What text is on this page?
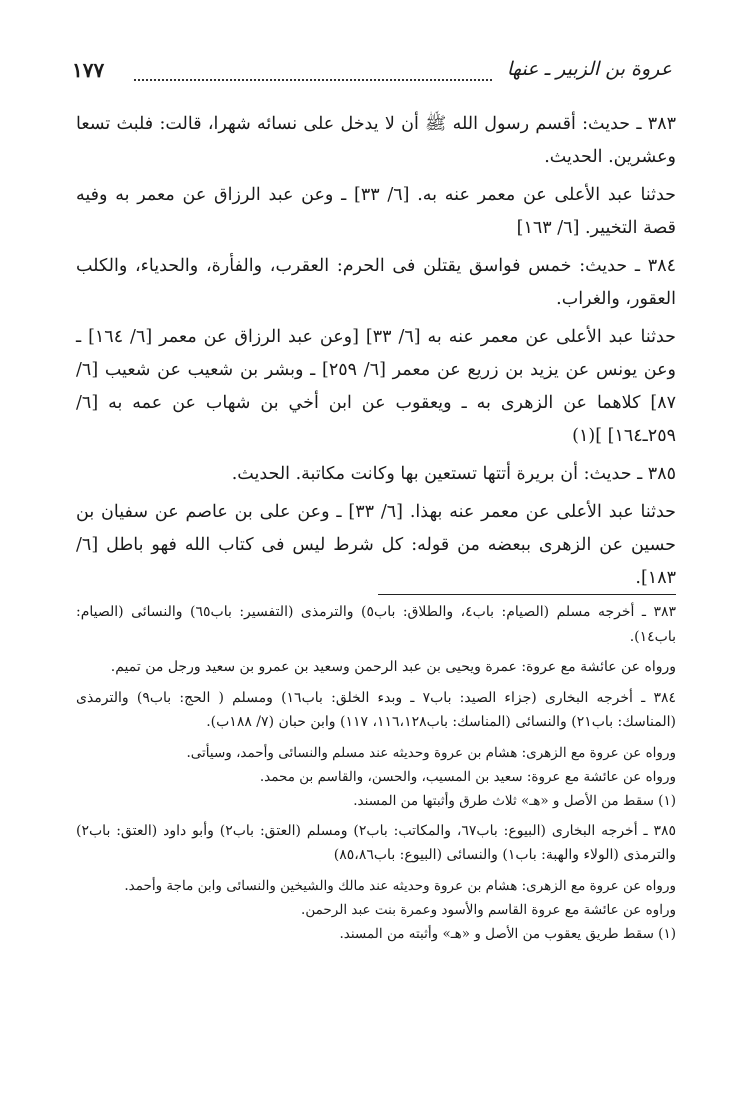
١٧٧	عروة بن الزبير ـ عنها

٣٨٣ ـ حديث: أقسم رسول الله ﷺ أن لا يدخل على نسائه شهرا، قالت: فلبث تسعا وعشرين. الحديث.

حدثنا عبد الأعلى عن معمر عنه به. [٦/ ٣٣] ـ وعن عبد الرزاق عن معمر به وفيه قصة التخيير. [٦/ ١٦٣]

٣٨٤ ـ حديث: خمس فواسق يقتلن فى الحرم: العقرب، والفأرة، والحدياء، والكلب العقور، والغراب.

حدثنا عبد الأعلى عن معمر عنه به [٦/ ٣٣] [وعن عبد الرزاق عن معمر [٦/ ١٦٤] ـ وعن يونس عن يزيد بن زريع عن معمر [٦/ ٢٥٩] ـ وبشر بن شعيب عن شعيب [٦/ ٨٧] كلاهما عن الزهرى به ـ ويعقوب عن ابن أخي بن شهاب عن عمه به [٦/ ٢٥٩ـ١٦٤] ](١)

٣٨٥ ـ حديث: أن بريرة أتتها تستعين بها وكانت مكاتبة. الحديث.

حدثنا عبد الأعلى عن معمر عنه بهذا. [٦/ ٣٣] ـ وعن على بن عاصم عن سفيان بن حسين عن الزهرى ببعضه من قوله: كل شرط ليس فى كتاب الله فهو باطل [٦/ ١٨٣].

٣٨٣ ـ أخرجه مسلم (الصيام: باب٤، والطلاق: باب٥) والترمذى (التفسير: باب٦٥) والنسائى (الصيام: باب١٤).

ورواه عن عائشة مع عروة: عمرة ويحيى بن عبد الرحمن وسعيد بن عمرو بن سعيد ورجل من تميم.

٣٨٤ ـ أخرجه البخارى (جزاء الصيد: باب٧ ـ وبدء الخلق: باب١٦) ومسلم ( الحج: باب٩) والترمذى (المناسك: باب٢١) والنسائى (المناسك: باب١١٦،١٢٨، ١١٧) وابن حبان (٧/ ١٨٨ب).

ورواه عن عروة مع الزهرى: هشام بن عروة وحديثه عند مسلم والنسائى وأحمد، وسيأتى.

ورواه عن عائشة مع عروة: سعيد بن المسيب، والحسن، والقاسم بن محمد.

(١) سقط من الأصل و «هـ» ثلاث طرق وأثبتها من المسند.

٣٨٥ ـ أخرجه البخارى (البيوع: باب٦٧، والمكاتب: باب٢) ومسلم (العتق: باب٢) وأبو داود (العتق: باب٢) والترمذى (الولاء والهبة: باب١) والنسائى (البيوع: باب٨٥،٨٦)

ورواه عن عروة مع الزهرى: هشام بن عروة وحديثه عند مالك والشيخين والنسائى وابن ماجة وأحمد.

وراوه عن عائشة مع عروة القاسم والأسود وعمرة بنت عبد الرحمن.

(١) سقط طريق يعقوب من الأصل و «هـ» وأثبته من المسند.
